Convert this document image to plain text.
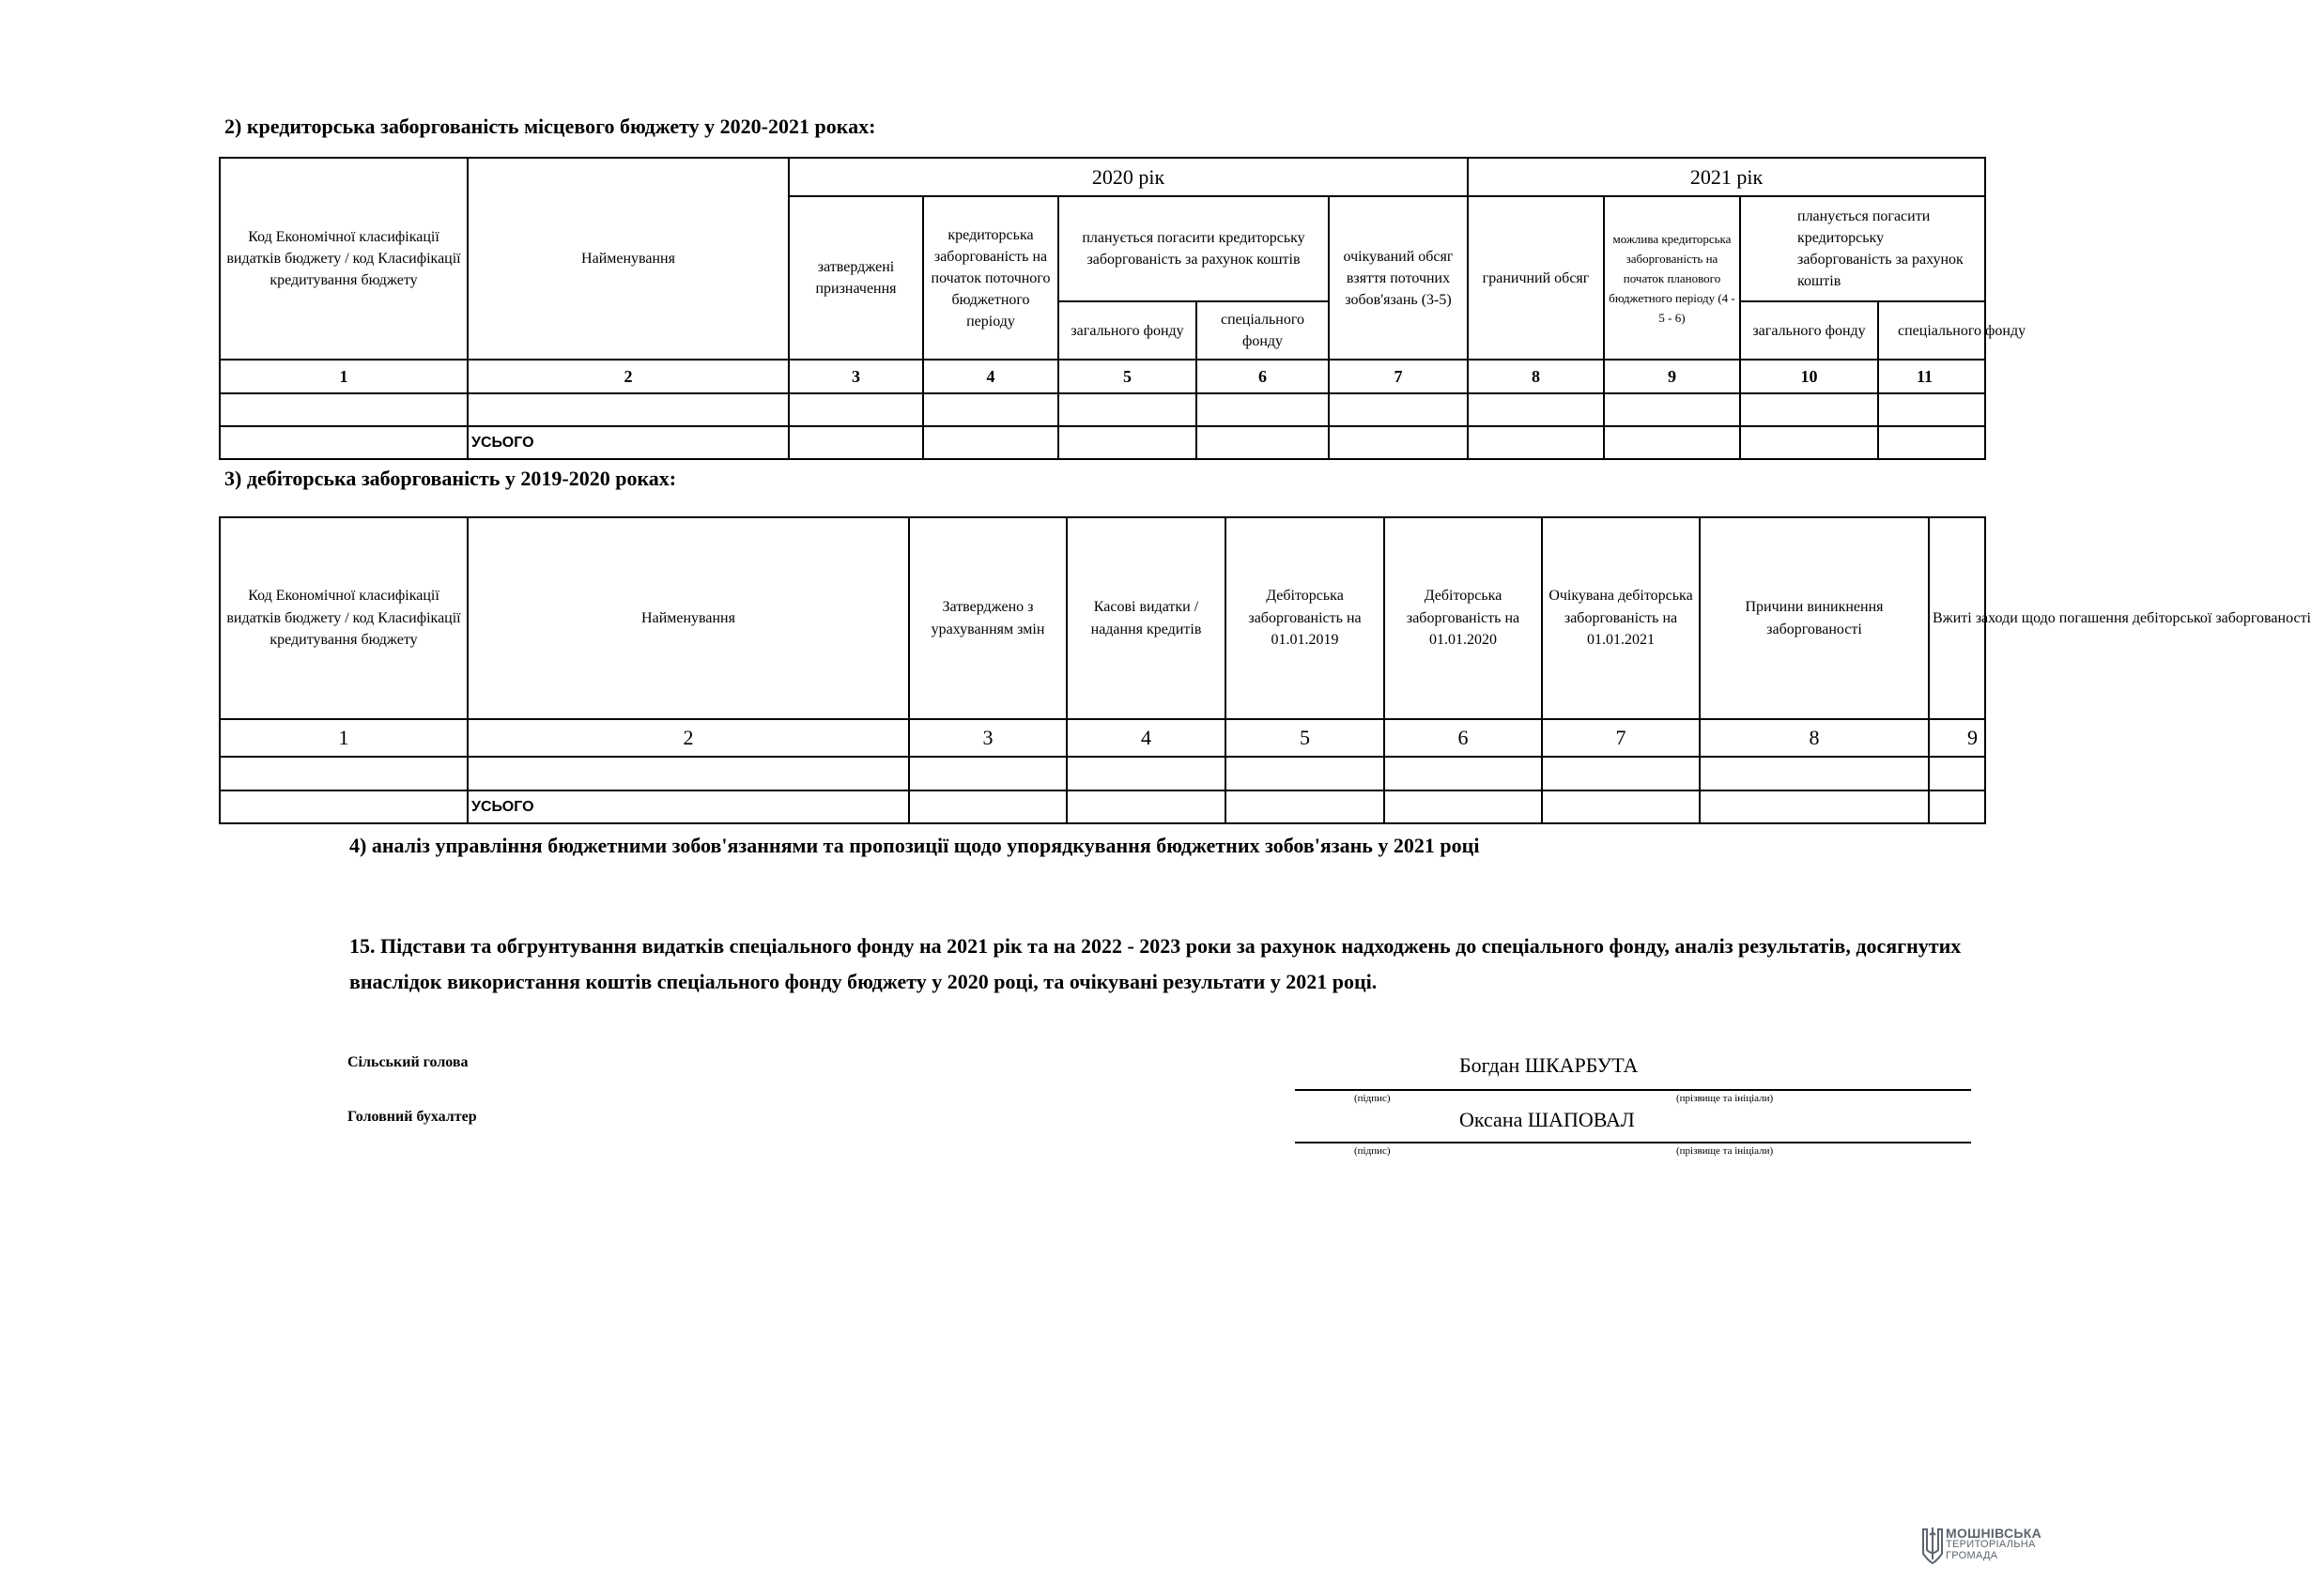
2) кредиторська заборгованість місцевого бюджету у 2020-2021 роках:
Код Економічної класифікації видатків бюджету / код Класифікації кредитування бюджету	Найменування	2020 рік					2021 рік			
		затверджені призначення	кредиторська заборгованість на початок поточного бюджетного періоду	планується погасити кредиторську заборгованість за рахунок коштів		очікуваний обсяг взяття поточних зобов'язань (3-5)	граничний обсяг	можлива кредиторська заборгованість на початок планового бюджетного періоду (4 - 5 - 6)	планується погасити кредиторську заборгованість за рахунок коштів	
				загального фонду	спеціального фонду				загального фонду	спеціального фонду
1	2	3	4	5	6	7	8	9	10	11

	УСЬОГО									
3) дебіторська заборгованість у 2019-2020 роках:
Код Економічної класифікації видатків бюджету / код Класифікації кредитування бюджету	Найменування	Затверджено з урахуванням змін	Касові видатки / надання кредитів	Дебіторська заборгованість на 01.01.2019	Дебіторська заборгованість на 01.01.2020	Очікувана дебіторська заборгованість на 01.01.2021	Причини виникнення заборгованості	Вжиті заходи щодо погашення дебіторської заборгованості
1	2	3	4	5	6	7	8	9

	УСЬОГО							
4) аналіз управління бюджетними зобов'язаннями та пропозиції щодо упорядкування бюджетних зобов'язань у 2021 році
15. Підстави та обгрунтування видатків спеціального фонду на 2021 рік та на 2022 - 2023 роки за рахунок надходжень до спеціального фонду, аналіз результатів, досягнутих
внаслідок використання коштів спеціального фонду бюджету у 2020 році, та очікувані результати у 2021 році.
Сільський голова	Богдан ШКАРБУТА
(підпис)	(прізвище та ініціали)
Головний бухалтер	Оксана ШАПОВАЛ
(підпис)	(прізвище та ініціали)
МОШНІВСЬКА
ТЕРИТОРІАЛЬНА
ГРОМАДА
